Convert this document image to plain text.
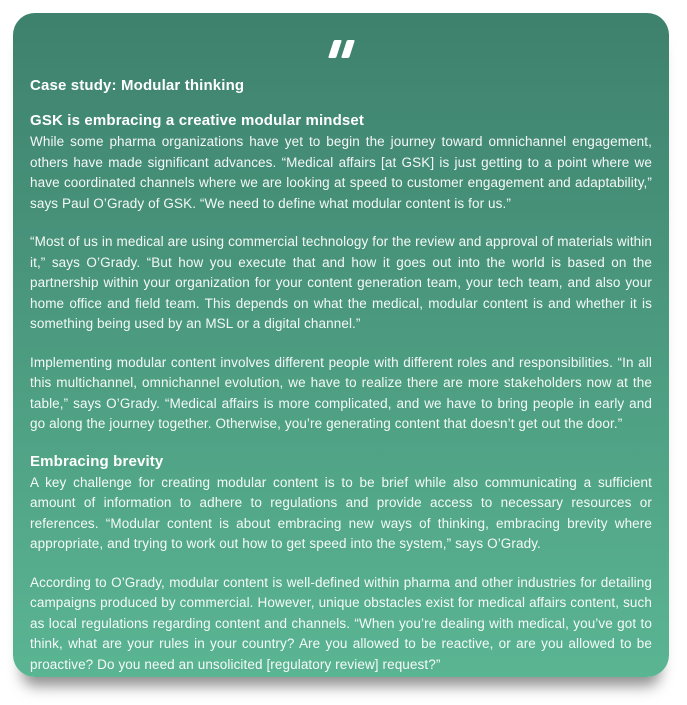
Case study: Modular thinking
GSK is embracing a creative modular mindset

While some pharma organizations have yet to begin the journey toward omnichannel engagement, others have made significant advances. “Medical affairs [at GSK] is just getting to a point where we have coordinated channels where we are looking at speed to customer engagement and adaptability,” says Paul O’Grady of GSK. “We need to define what modular content is for us.”

“Most of us in medical are using commercial technology for the review and approval of materials within it,” says O’Grady. “But how you execute that and how it goes out into the world is based on the partnership within your organization for your content generation team, your tech team, and also your home office and field team. This depends on what the medical, modular content is and whether it is something being used by an MSL or a digital channel.”

Implementing modular content involves different people with different roles and responsibilities. “In all this multichannel, omnichannel evolution, we have to realize there are more stakeholders now at the table,” says O’Grady. “Medical affairs is more complicated, and we have to bring people in early and go along the journey together. Otherwise, you’re generating content that doesn’t get out the door.”

Embracing brevity

A key challenge for creating modular content is to be brief while also communicating a sufficient amount of information to adhere to regulations and provide access to necessary resources or references. “Modular content is about embracing new ways of thinking, embracing brevity where appropriate, and trying to work out how to get speed into the system,” says O’Grady.

According to O’Grady, modular content is well-defined within pharma and other industries for detailing campaigns produced by commercial. However, unique obstacles exist for medical affairs content, such as local regulations regarding content and channels. “When you’re dealing with medical, you’ve got to think, what are your rules in your country? Are you allowed to be reactive, or are you allowed to be proactive? Do you need an unsolicited [regulatory review] request?”
